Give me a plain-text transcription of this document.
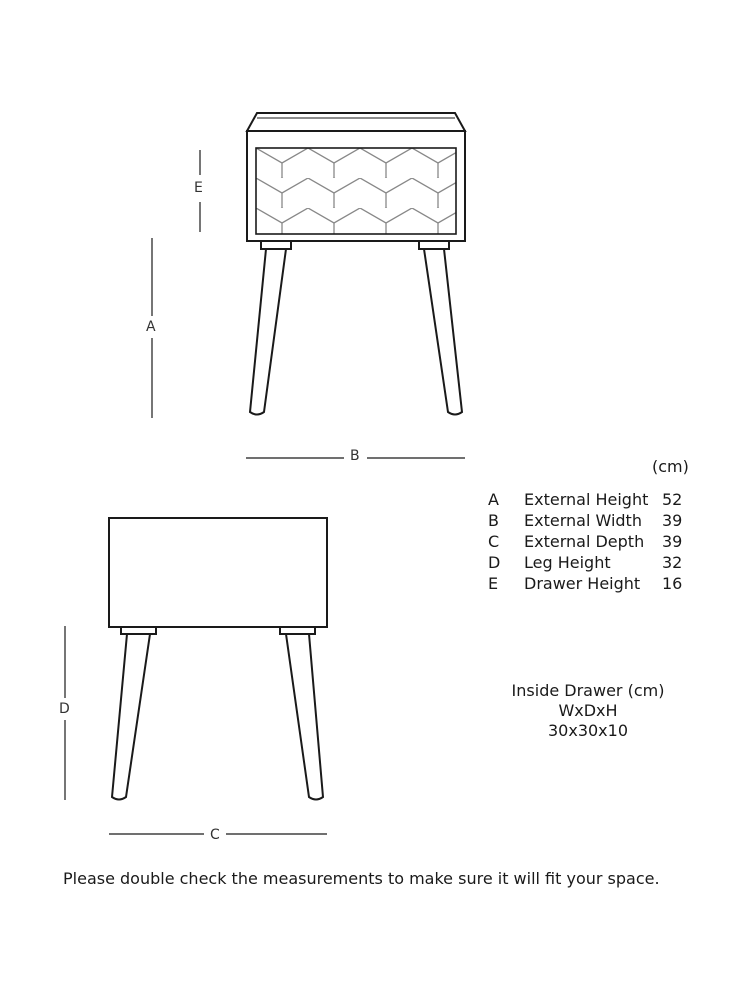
E
A
B
D
C
(cm)
A	External Height 52
B	External Width	39
C	External Depth	39
D	Leg Height	32
E	Drawer Height	16
Inside Drawer (cm)
WxDxH
30x30x10
Please double check the measurements to make sure it will fit your space.
